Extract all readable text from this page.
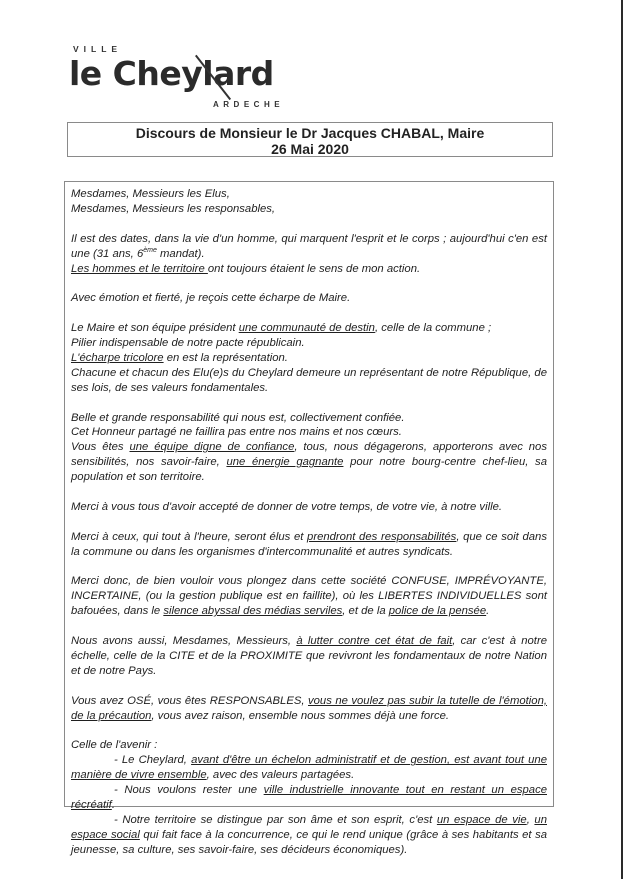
VILLE
le Cheylard
ARDECHE
Discours de Monsieur le Dr Jacques CHABAL, Maire
26 Mai 2020

Mesdames, Messieurs les Elus,
Mesdames, Messieurs les responsables,

Il est des dates, dans la vie d'un homme, qui marquent l'esprit et le corps ; aujourd'hui c'en est une (31 ans, 6ème mandat).
Les hommes et le territoire ont toujours étaient le sens de mon action.

Avec émotion et fierté, je reçois cette écharpe de Maire.

Le Maire et son équipe président une communauté de destin, celle de la commune ;
Pilier indispensable de notre pacte républicain.
L'écharpe tricolore en est la représentation.
Chacune et chacun des Elu(e)s du Cheylard demeure un représentant de notre République, de ses lois, de ses valeurs fondamentales.

Belle et grande responsabilité qui nous est, collectivement confiée.
Cet Honneur partagé ne faillira pas entre nos mains et nos cœurs.
Vous êtes une équipe digne de confiance, tous, nous dégagerons, apporterons avec nos sensibilités, nos savoir-faire, une énergie gagnante pour notre bourg-centre chef-lieu, sa population et son territoire.

Merci à vous tous d'avoir accepté de donner de votre temps, de votre vie, à notre ville.

Merci à ceux, qui tout à l'heure, seront élus et prendront des responsabilités, que ce soit dans la commune ou dans les organismes d'intercommunalité et autres syndicats.

Merci donc, de bien vouloir vous plongez dans cette société CONFUSE, IMPRÉVOYANTE, INCERTAINE, (ou la gestion publique est en faillite), où les LIBERTES INDIVIDUELLES sont bafouées, dans le silence abyssal des médias serviles, et de la police de la pensée.

Nous avons aussi, Mesdames, Messieurs, à lutter contre cet état de fait, car c'est à notre échelle, celle de la CITE et de la PROXIMITE que revivront les fondamentaux de notre Nation et de notre Pays.

Vous avez OSÉ, vous êtes RESPONSABLES, vous ne voulez pas subir la tutelle de l'émotion, de la précaution, vous avez raison, ensemble nous sommes déjà une force.

Celle de l'avenir :

- Le Cheylard, avant d'être un échelon administratif et de gestion, est avant tout une manière de vivre ensemble, avec des valeurs partagées.

- Nous voulons rester une ville industrielle innovante tout en restant un espace récréatif.

- Notre territoire se distingue par son âme et son esprit, c'est un espace de vie, un espace social qui fait face à la concurrence, ce qui le rend unique (grâce à ses habitants et sa jeunesse, sa culture, ses savoir-faire, ses décideurs économiques).
